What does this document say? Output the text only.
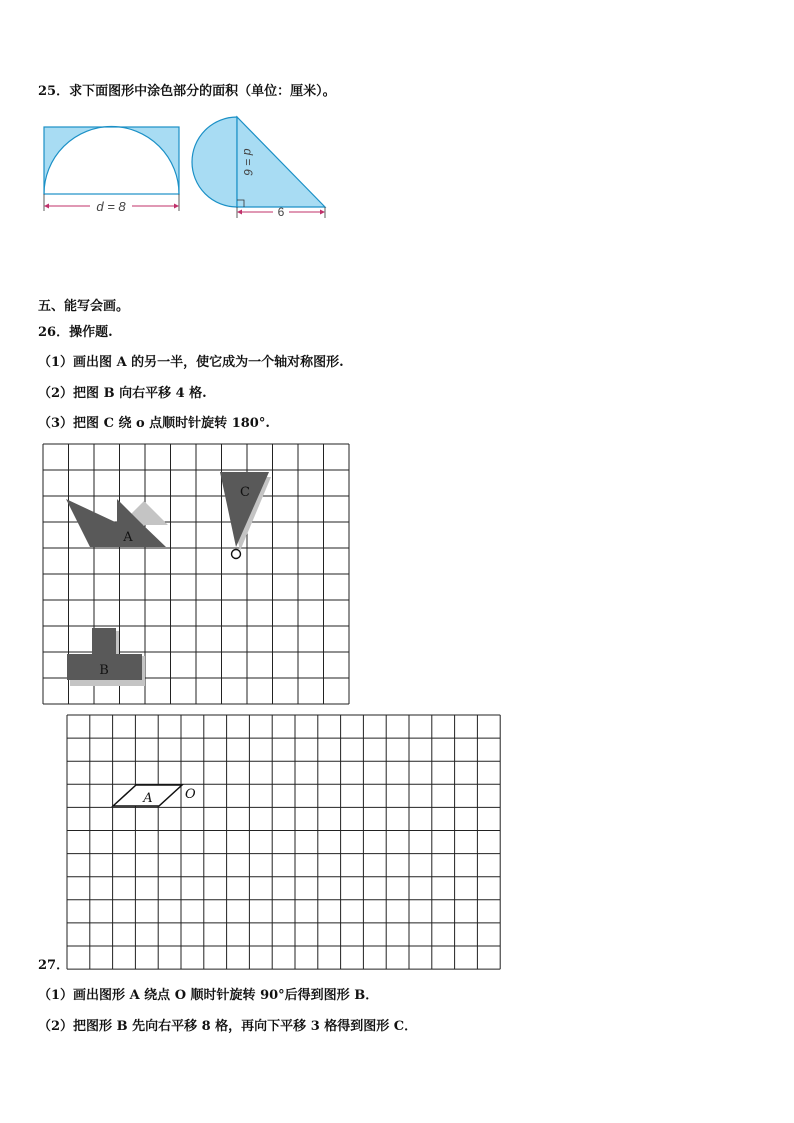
25．求下面图形中涂色部分的面积（单位：厘米）。
d = 8	6
d = 6
五、能写会画。
26．操作题.
（1）画出图 A 的另一半，使它成为一个轴对称图形.
（2）把图 B 向右平移 4 格.
（3）把图 C 绕 o 点顺时针旋转 180°.
A
C
B
A O
27．
（1）画出图形 A 绕点 O 顺时针旋转 90°后得到图形 B．
（2）把图形 B 先向右平移 8 格，再向下平移 3 格得到图形 C．
